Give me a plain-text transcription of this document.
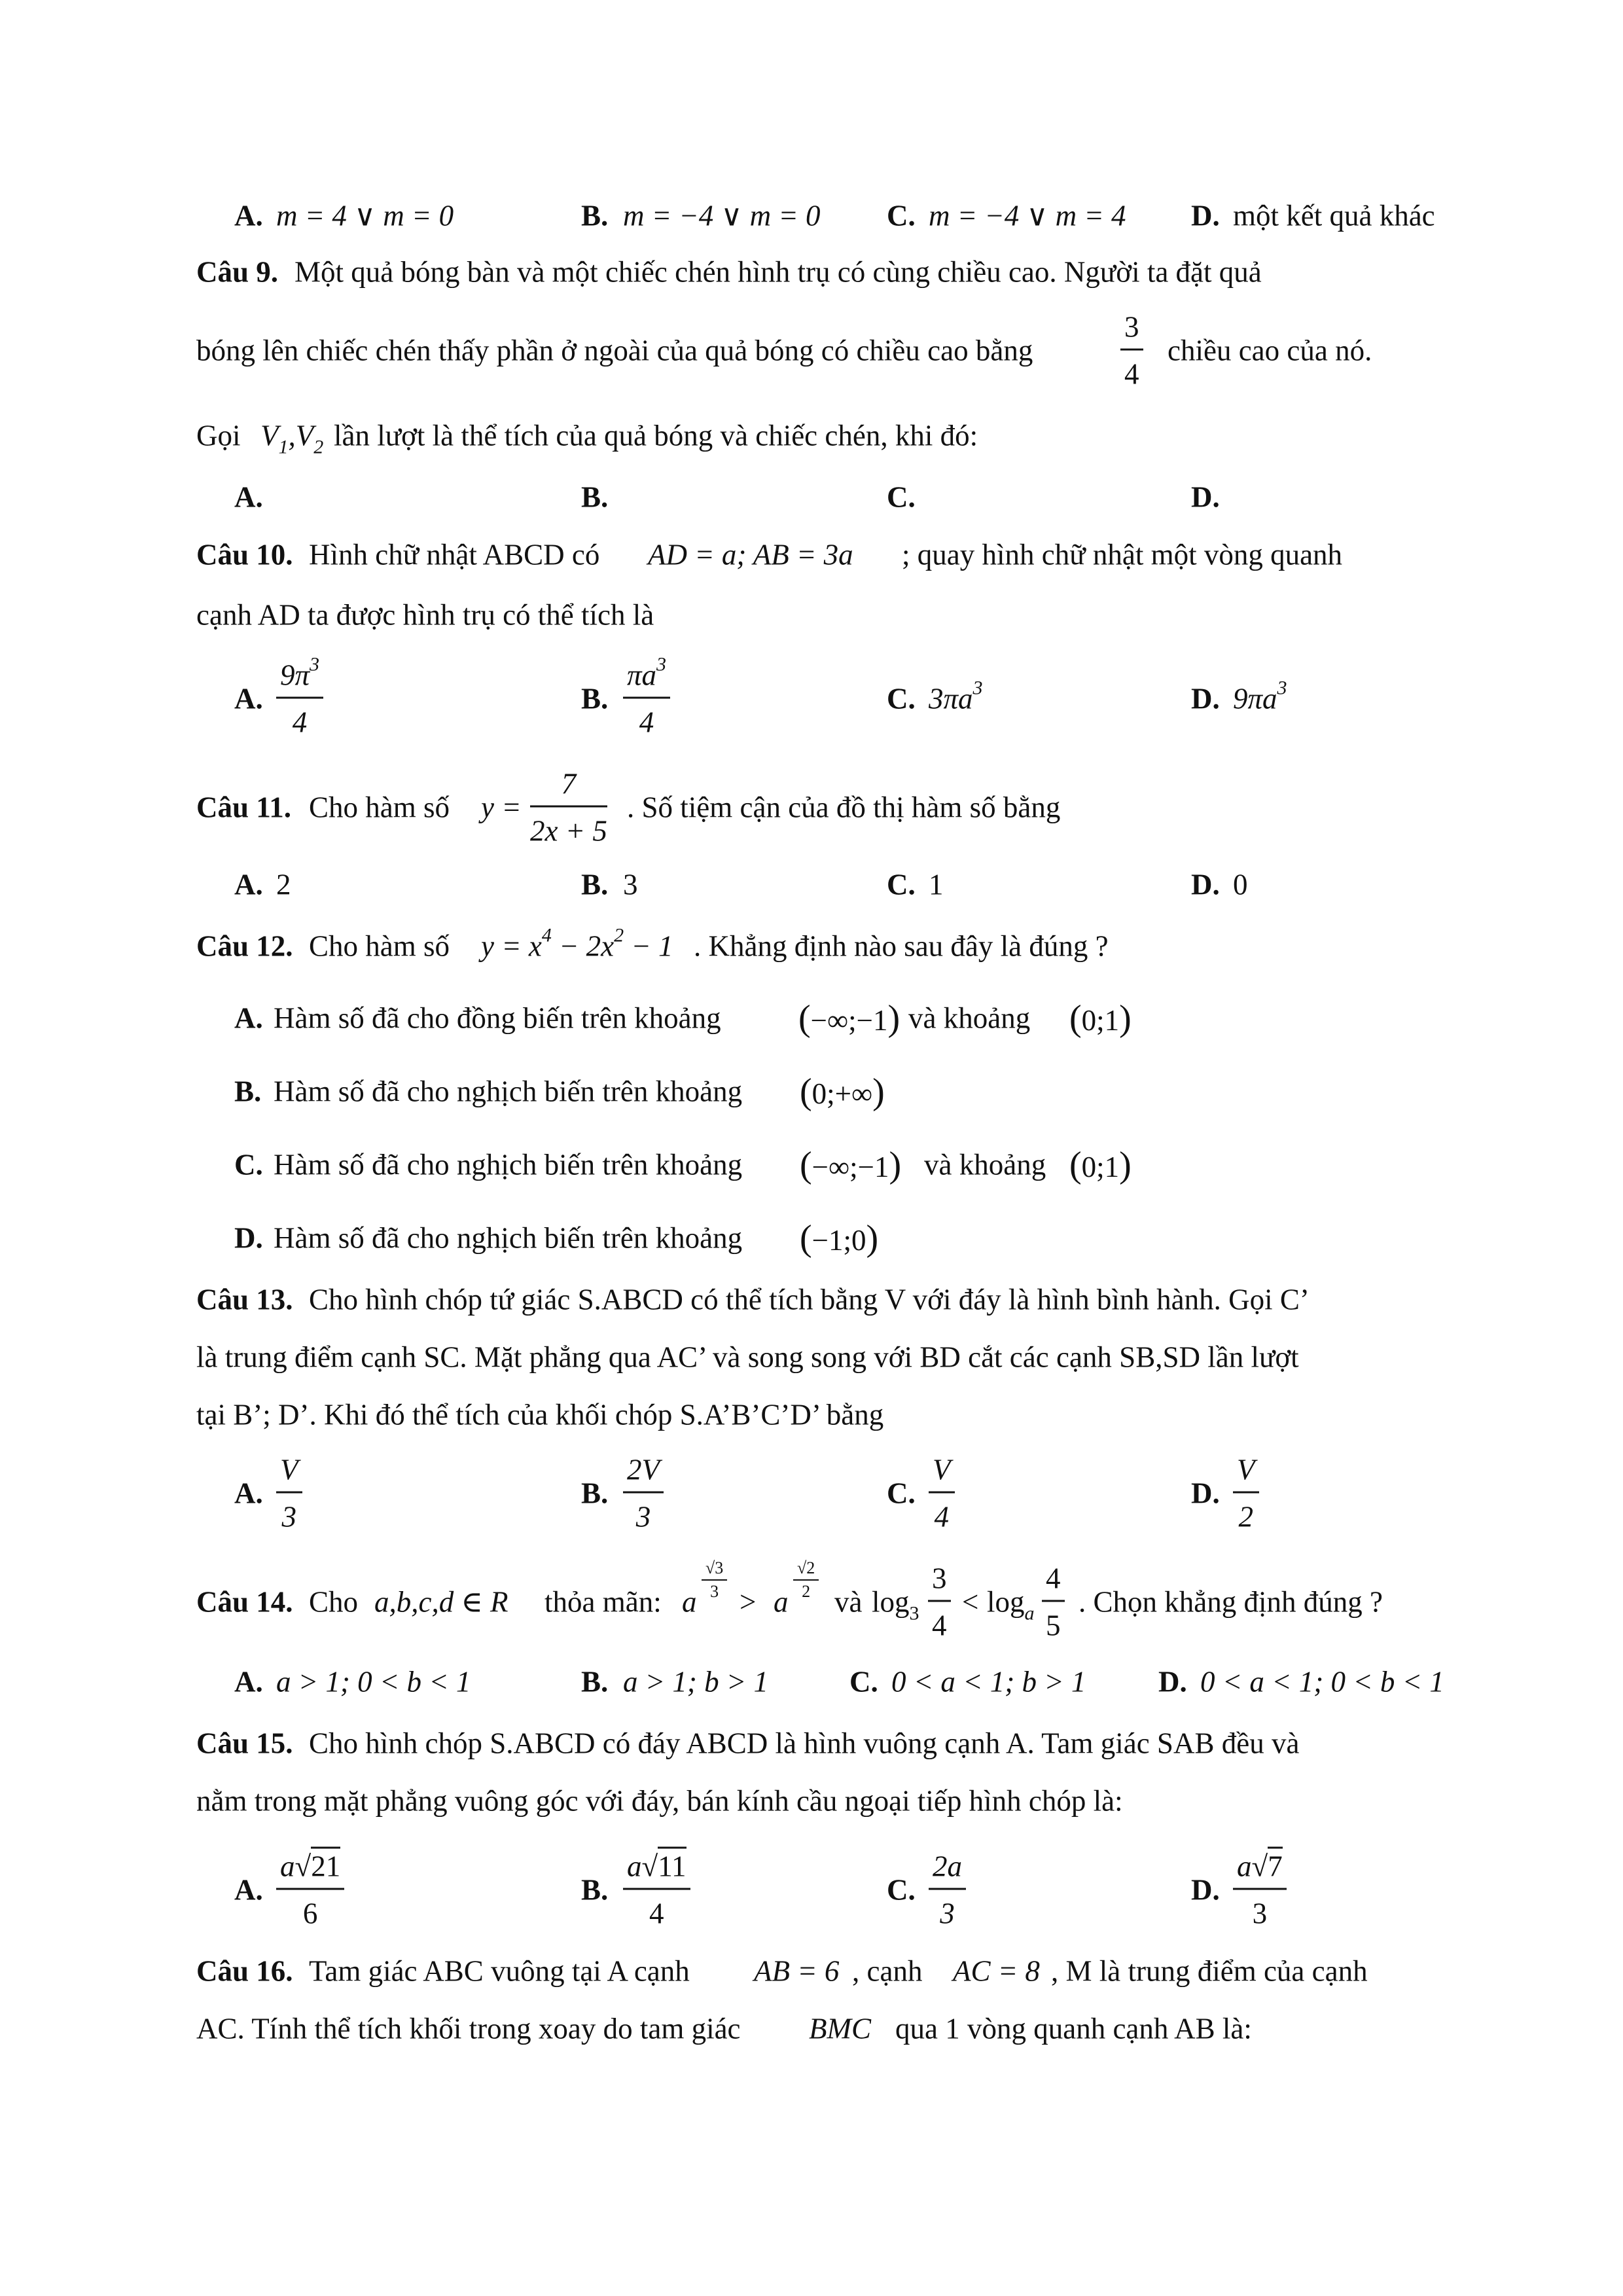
A. m = 4 ∨ m = 0	B. m = −4 ∨ m = 0 C. m = −4 ∨ m = 4 D. một kết quả khác
Câu 9. Một quả bóng bàn và một chiếc chén hình trụ có cùng chiều cao. Người ta đặt quả
bóng lên chiếc chén thấy phần ở ngoài của quả bóng có chiều cao bằng	$\frac{3}{4}$ chiều cao của nó.
Gọi $V_1,V_2$ lần lượt là thể tích của quả bóng và chiếc chén, khi đó:
A.	B.	C.	D.
Câu 10. Hình chữ nhật ABCD có AD = a; AB = 3a ; quay hình chữ nhật một vòng quanh
cạnh AD ta được hình trụ có thể tích là
A. $\frac{9\pi^3}{4}$	B. $\frac{\pi a^3}{4}$	C. $3\pi a^3$	D. $9\pi a^3$
Câu 11. Cho hàm số $y = \frac{7}{2x + 5}$ . Số tiệm cận của đồ thị hàm số bằng
A. 2	B. 3	C. 1	D. 0
Câu 12. Cho hàm số $y = x^4 - 2x^2 - 1$ . Khẳng định nào sau đây là đúng ?
A. Hàm số đã cho đồng biến trên khoảng (−∞;−1) và khoảng (0;1)
B. Hàm số đã cho nghịch biến trên khoảng (0;+∞)
C. Hàm số đã cho nghịch biến trên khoảng (−∞;−1) và khoảng (0;1)
D. Hàm số đã cho nghịch biến trên khoảng (−1;0)
Câu 13. Cho hình chóp tứ giác S.ABCD có thể tích bằng V với đáy là hình bình hành. Gọi C’
là trung điểm cạnh SC. Mặt phẳng qua AC’ và song song với BD cắt các cạnh SB,SD lần lượt
tại B’; D’. Khi đó thể tích của khối chóp S.A’B’C’D’ bằng
A. $\frac{V}{3}$	B. $\frac{2V}{3}$	C. $\frac{V}{4}$	D. $\frac{V}{2}$
Câu 14. Cho a,b,c,d ∈ R thỏa mãn: a
$\frac{√3}{3}$
> a
$\frac{√2}{2}$
và $\log_3 \frac{3}{4} < \log_a \frac{4}{5}$ . Chọn khẳng định đúng ?
A. a > 1; 0 < b < 1	B. a > 1; b > 1	C. 0 < a < 1; b > 1 D. 0 < a < 1; 0 < b < 1
Câu 15. Cho hình chóp S.ABCD có đáy ABCD là hình vuông cạnh A. Tam giác SAB đều và
nằm trong mặt phẳng vuông góc với đáy, bán kính cầu ngoại tiếp hình chóp là:
A. $\frac{a√21}{6}$	B. $\frac{a√11}{4}$	C. $\frac{2a}{3}$	D. $\frac{a√7}{3}$
Câu 16. Tam giác ABC vuông tại A cạnh AB = 6 , cạnh AC = 8 , M là trung điểm của cạnh
AC. Tính thể tích khối trong xoay do tam giác BMC qua 1 vòng quanh cạnh AB là:
